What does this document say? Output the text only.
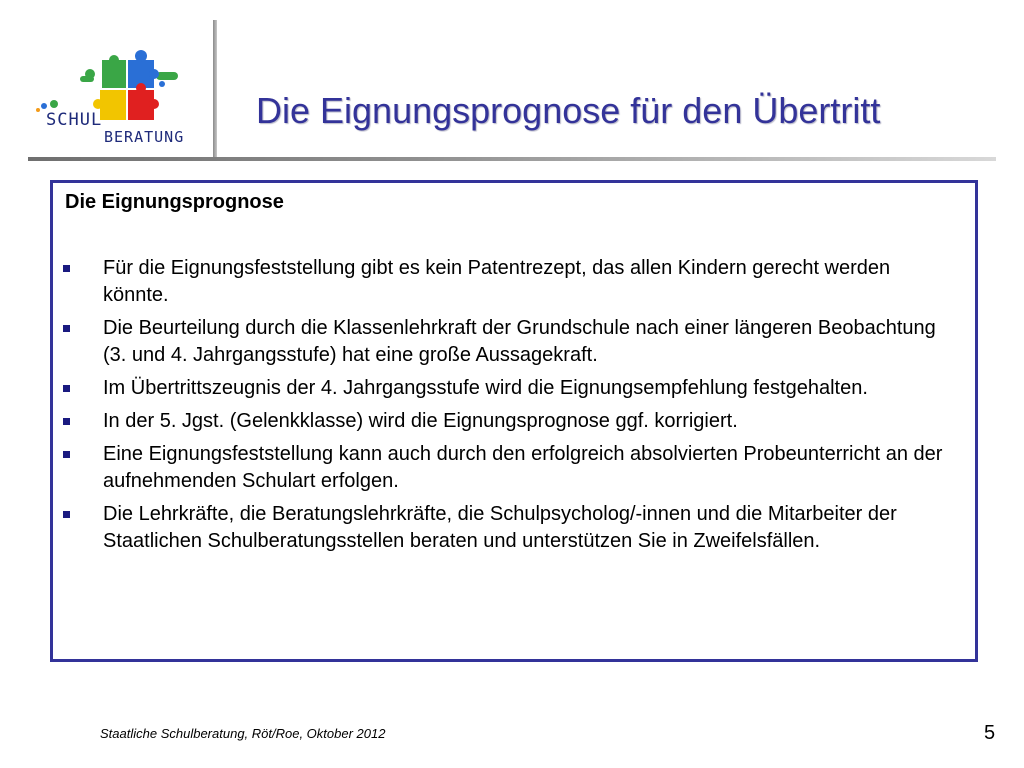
SCHUL
BERATUNG
Die Eignungsprognose für den Übertritt
Die Eignungsprognose
Für die Eignungsfeststellung gibt es kein Patentrezept, das allen Kindern gerecht werden könnte.
Die Beurteilung durch die Klassenlehrkraft der Grundschule nach einer längeren Beobachtung (3. und 4. Jahrgangsstufe) hat eine große Aussagekraft.
Im Übertrittszeugnis der 4. Jahrgangsstufe wird die Eignungsempfehlung festgehalten.
In der 5. Jgst. (Gelenkklasse) wird die Eignungsprognose ggf. korrigiert.
Eine Eignungsfeststellung kann auch durch den erfolgreich absolvierten Probeunterricht an der aufnehmenden Schulart erfolgen.
Die Lehrkräfte, die Beratungslehrkräfte, die Schulpsycholog/-innen und die Mitarbeiter der Staatlichen Schulberatungsstellen beraten und unterstützen Sie in Zweifelsfällen.
Staatliche Schulberatung, Röt/Roe, Oktober 2012	5
